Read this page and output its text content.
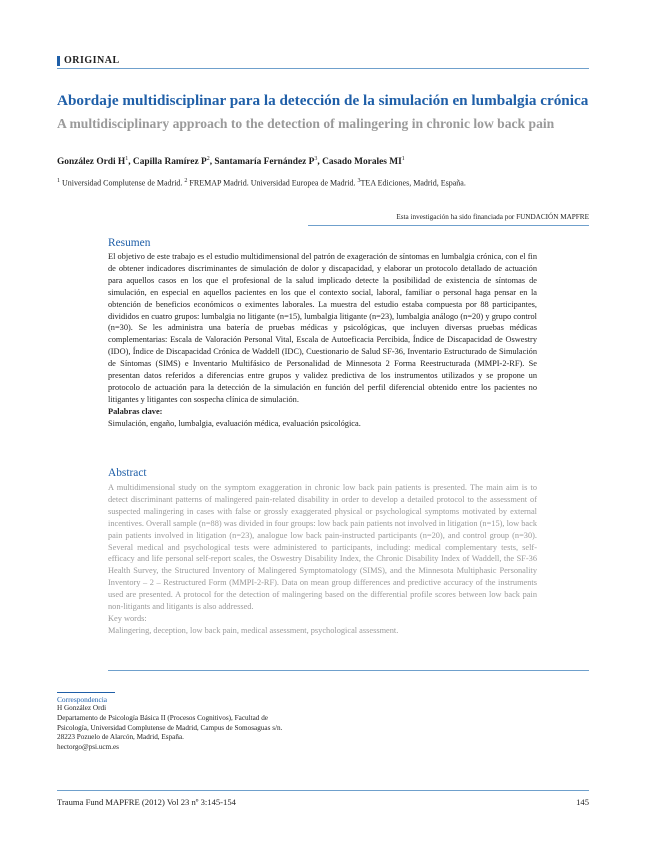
ORIGINAL
Abordaje multidisciplinar para la detección de la simulación en lumbalgia crónica
A multidisciplinary approach to the detection of malingering in chronic low back pain
González Ordi $H^1$, Capilla Ramírez $P^2$, Santamaría Fernández $P^3$, Casado Morales $MI^1$
$^1$ Universidad Complutense de Madrid. $^2$ FREMAP Madrid. Universidad Europea de Madrid. $^3$TEA Ediciones, Madrid, España.
Esta investigación ha sido financiada por FUNDACIÓN MAPFRE
Resumen

El objetivo de este trabajo es el estudio multidimensional del patrón de exageración de síntomas en lumbalgia crónica, con el fin de obtener indicadores discriminantes de simulación de dolor y discapacidad, y elaborar un protocolo detallado de actuación para aquellos casos en los que el profesional de la salud implicado detecte la posibilidad de existencia de síntomas de simulación, en especial en aquellos pacientes en los que el contexto social, laboral, familiar o personal haga pensar en la obtención de beneficios económicos o eximentes laborales. La muestra del estudio estaba compuesta por 88 participantes, divididos en cuatro grupos: lumbalgia no litigante (n=15), lumbalgia litigante (n=23), lumbalgia análogo (n=20) y grupo control (n=30). Se les administra una batería de pruebas médicas y psicológicas, que incluyen diversas pruebas médicas complementarias: Escala de Valoración Personal Vital, Escala de Autoeficacia Percibida, Índice de Discapacidad de Oswestry (IDO), Índice de Discapacidad Crónica de Waddell (IDC), Cuestionario de Salud SF-36, Inventario Estructurado de Simulación de Síntomas (SIMS) e Inventario Multifásico de Personalidad de Minnesota 2 Forma Reestructurada (MMPI-2-RF). Se presentan datos referidos a diferencias entre grupos y validez predictiva de los instrumentos utilizados y se propone un protocolo de actuación para la detección de la simulación en función del perfil diferencial obtenido entre los pacientes no litigantes y litigantes con sospecha clínica de simulación.

Palabras clave:
Simulación, engaño, lumbalgia, evaluación médica, evaluación psicológica.
Abstract

A multidimensional study on the symptom exaggeration in chronic low back pain patients is presented. The main aim is to detect discriminant patterns of malingered pain-related disability in order to develop a detailed protocol to the assessment of suspected malingering in cases with false or grossly exaggerated physical or psychological symptoms motivated by external incentives. Overall sample (n=88) was divided in four groups: low back pain patients not involved in litigation (n=15), low back pain patients involved in litigation (n=23), analogue low back pain-instructed participants (n=20), and control group (n=30). Several medical and psychological tests were administered to participants, including: medical complementary tests, self-efficacy and life personal self-report scales, the Oswestry Disability Index, the Chronic Disability Index of Waddell, the SF-36 Health Survey, the Structured Inventory of Malingered Symptomatology (SIMS), and the Minnesota Multiphasic Personality Inventory – 2 – Restructured Form (MMPI-2-RF). Data on mean group differences and predictive accuracy of the instruments used are presented. A protocol for the detection of malingering based on the differential profile scores between low back pain non-litigants and litigants is also addressed.

Key words:
Malingering, deception, low back pain, medical assessment, psychological assessment.
Correspondencia
H González Ordi
Departamento de Psicología Básica II (Procesos Cognitivos), Facultad de
Psicología, Universidad Complutense de Madrid, Campus de Somosaguas s/n.
28223 Pozuelo de Alarcón, Madrid, España.
hectorgo@psi.ucm.es
Trauma Fund MAPFRE (2012) Vol 23 nº 3:145-154	145
